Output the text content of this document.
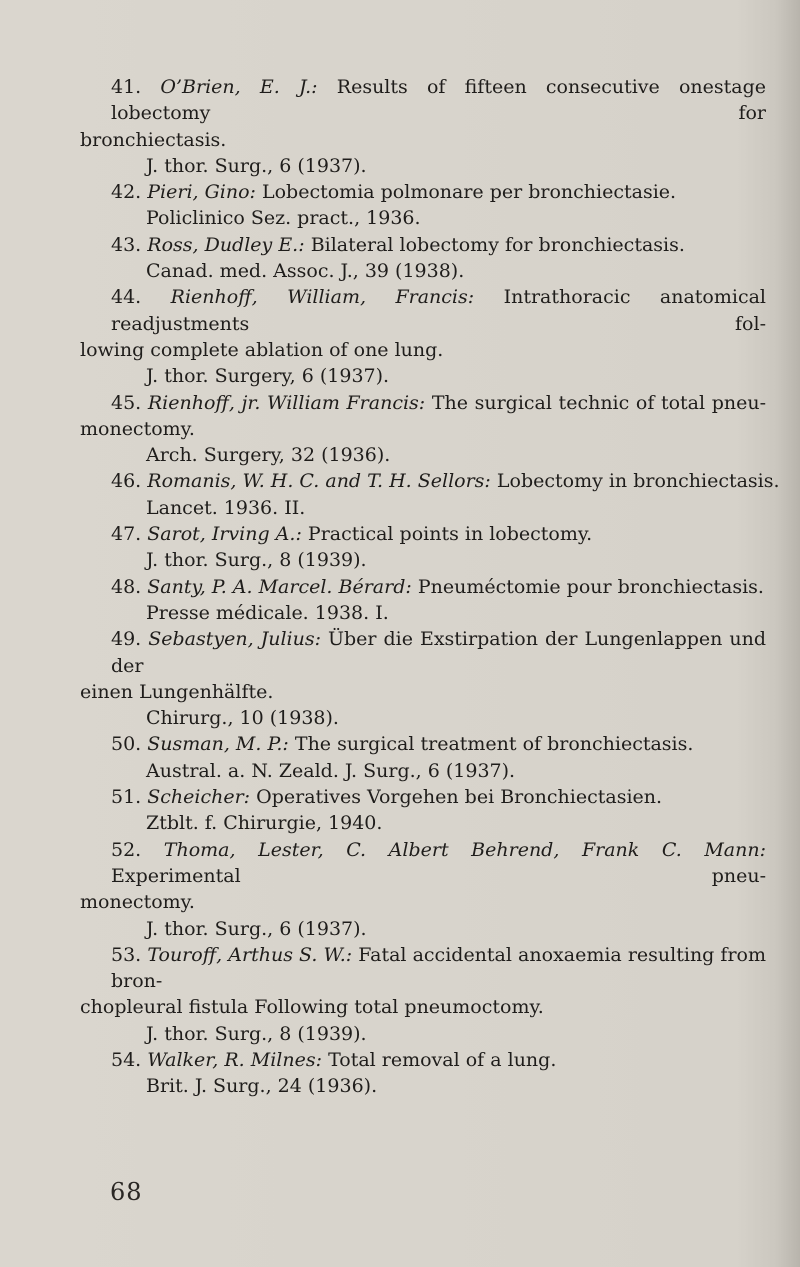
41. O’Brien, E. J.: Results of fifteen consecutive onestage lobectomy for
bronchiectasis.
J. thor. Surg., 6 (1937).
42. Pieri, Gino: Lobectomia polmonare per bronchiectasie.
Policlinico Sez. pract., 1936.
43. Ross, Dudley E.: Bilateral lobectomy for bronchiectasis.
Canad. med. Assoc. J., 39 (1938).
44. Rienhoff, William, Francis: Intrathoracic anatomical readjustments fol-
lowing complete ablation of one lung.
J. thor. Surgery, 6 (1937).
45. Rienhoff, jr. William Francis: The surgical technic of total pneu-
monectomy.
Arch. Surgery, 32 (1936).
46. Romanis, W. H. C. and T. H. Sellors: Lobectomy in bronchiectasis.
Lancet. 1936. II.
47. Sarot, Irving A.: Practical points in lobectomy.
J. thor. Surg., 8 (1939).
48. Santy, P. A. Marcel. Bérard: Pneuméctomie pour bronchiectasis.
Presse médicale. 1938. I.
49. Sebastyen, Julius: Über die Exstirpation der Lungenlappen und der
einen Lungenhälfte.
Chirurg., 10 (1938).
50. Susman, M. P.: The surgical treatment of bronchiectasis.
Austral. a. N. Zeald. J. Surg., 6 (1937).
51. Scheicher: Operatives Vorgehen bei Bronchiectasien.
Ztblt. f. Chirurgie, 1940.
52. Thoma, Lester, C. Albert Behrend, Frank C. Mann: Experimental pneu-
monectomy.
J. thor. Surg., 6 (1937).
53. Touroff, Arthus S. W.: Fatal accidental anoxaemia resulting from bron-
chopleural fistula Following total pneumoctomy.
J. thor. Surg., 8 (1939).
54. Walker, R. Milnes: Total removal of a lung.
Brit. J. Surg., 24 (1936).
68
